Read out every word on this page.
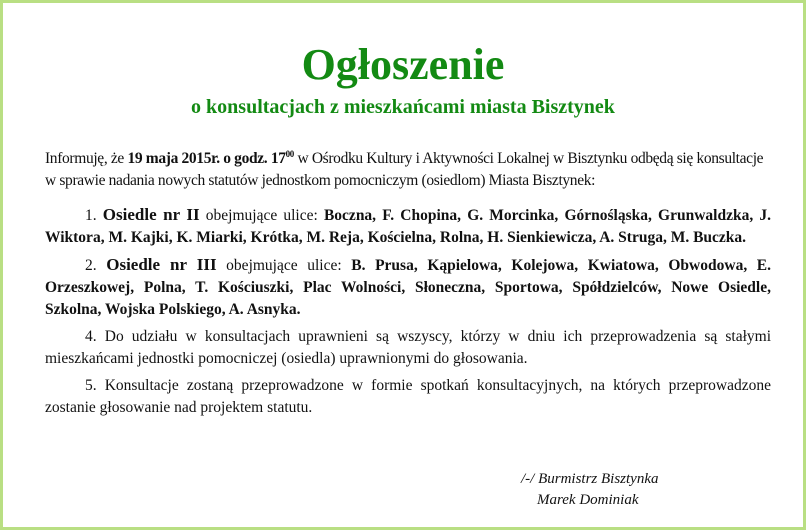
Ogłoszenie
o konsultacjach z mieszkańcami miasta Bisztynek

Informuję, że 19 maja 2015r. o godz. $17^{00}$ w Ośrodku Kultury i Aktywności Lokalnej w Bisztynku odbędą się konsultacje w sprawie nadania nowych statutów jednostkom pomocniczym (osiedlom) Miasta Bisztynek:

1. Osiedle nr II obejmujące ulice: Boczna, F. Chopina, G. Morcinka, Górnośląska, Grunwaldzka, J. Wiktora, M. Kajki, K. Miarki, Krótka, M. Reja, Kościelna, Rolna, H. Sienkiewicza, A. Struga, M. Buczka.

2. Osiedle nr III obejmujące ulice: B. Prusa, Kąpielowa, Kolejowa, Kwiatowa, Obwodowa, E. Orzeszkowej, Polna, T. Kościuszki, Plac Wolności, Słoneczna, Sportowa, Spółdzielców, Nowe Osiedle, Szkolna, Wojska Polskiego, A. Asnyka.

4. Do udziału w konsultacjach uprawnieni są wszyscy, którzy w dniu ich przeprowadzenia są stałymi mieszkańcami jednostki pomocniczej (osiedla) uprawnionymi do głosowania.

5. Konsultacje zostaną przeprowadzone w formie spotkań konsultacyjnych, na których przeprowadzone zostanie głosowanie nad projektem statutu.

/-/ Burmistrz Bisztynka
Marek Dominiak
